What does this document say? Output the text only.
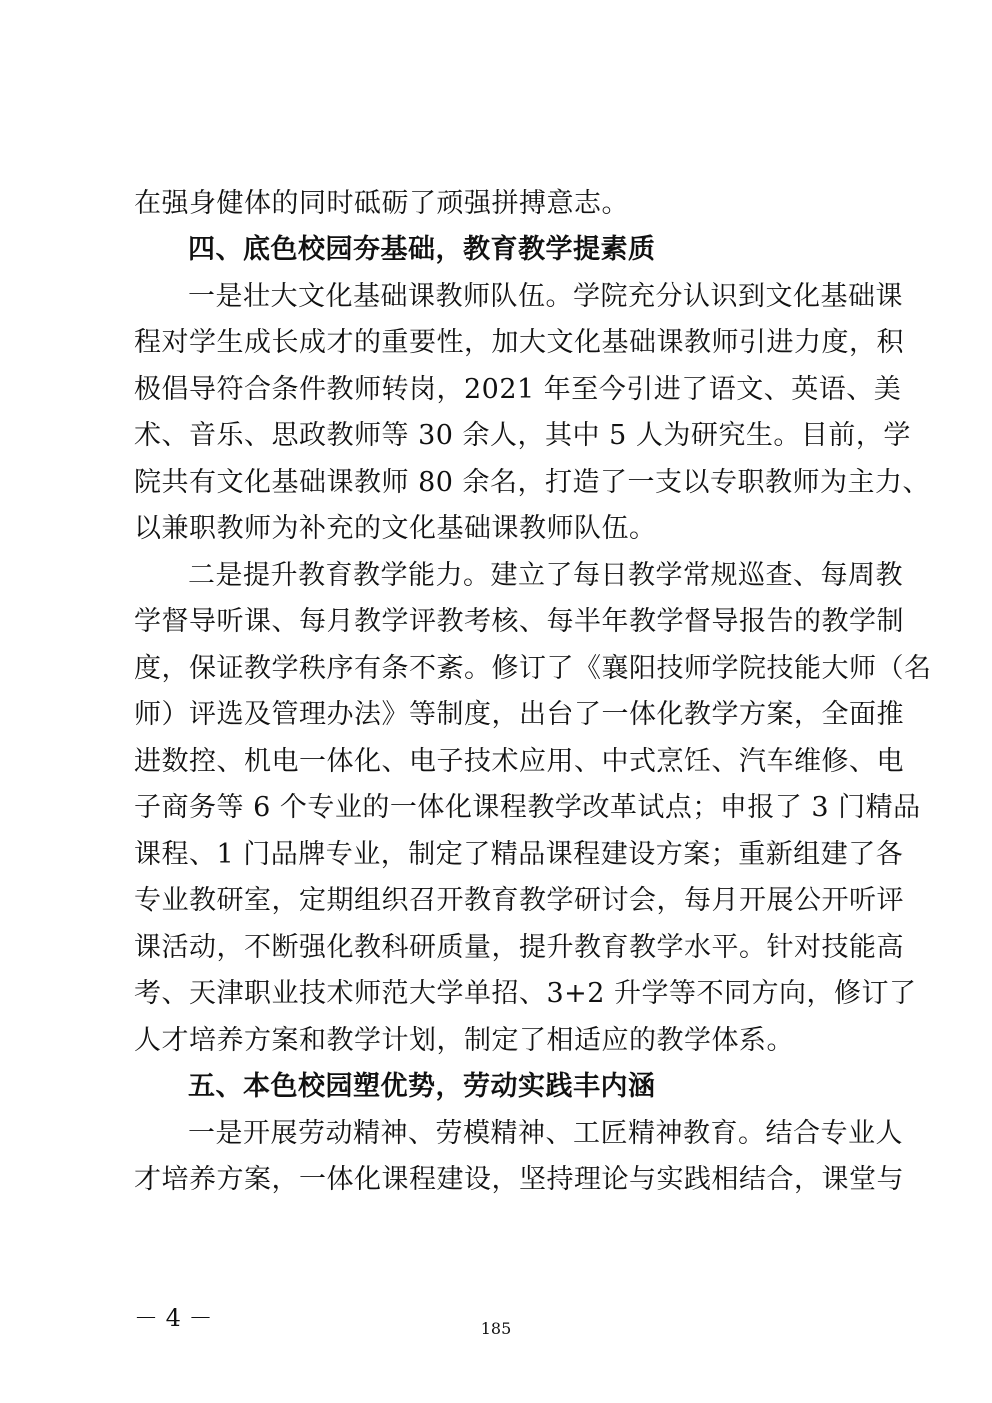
在强身健体的同时砥砺了顽强拼搏意志。
四、底色校园夯基础，教育教学提素质
一是壮大文化基础课教师队伍。学院充分认识到文化基础课
程对学生成长成才的重要性，加大文化基础课教师引进力度，积
极倡导符合条件教师转岗，2021 年至今引进了语文、英语、美
术、音乐、思政教师等 30 余人，其中 5 人为研究生。目前，学
院共有文化基础课教师 80 余名，打造了一支以专职教师为主力、
以兼职教师为补充的文化基础课教师队伍。
二是提升教育教学能力。建立了每日教学常规巡查、每周教
学督导听课、每月教学评教考核、每半年教学督导报告的教学制
度，保证教学秩序有条不紊。修订了《襄阳技师学院技能大师（名
师）评选及管理办法》等制度，出台了一体化教学方案，全面推
进数控、机电一体化、电子技术应用、中式烹饪、汽车维修、电
子商务等 6 个专业的一体化课程教学改革试点；申报了 3 门精品
课程、1 门品牌专业，制定了精品课程建设方案；重新组建了各
专业教研室，定期组织召开教育教学研讨会，每月开展公开听评
课活动，不断强化教科研质量，提升教育教学水平。针对技能高
考、天津职业技术师范大学单招、3+2 升学等不同方向，修订了
人才培养方案和教学计划，制定了相适应的教学体系。
五、本色校园塑优势，劳动实践丰内涵
一是开展劳动精神、劳模精神、工匠精神教育。结合专业人
才培养方案，一体化课程建设，坚持理论与实践相结合，课堂与
－ 4 －	185
